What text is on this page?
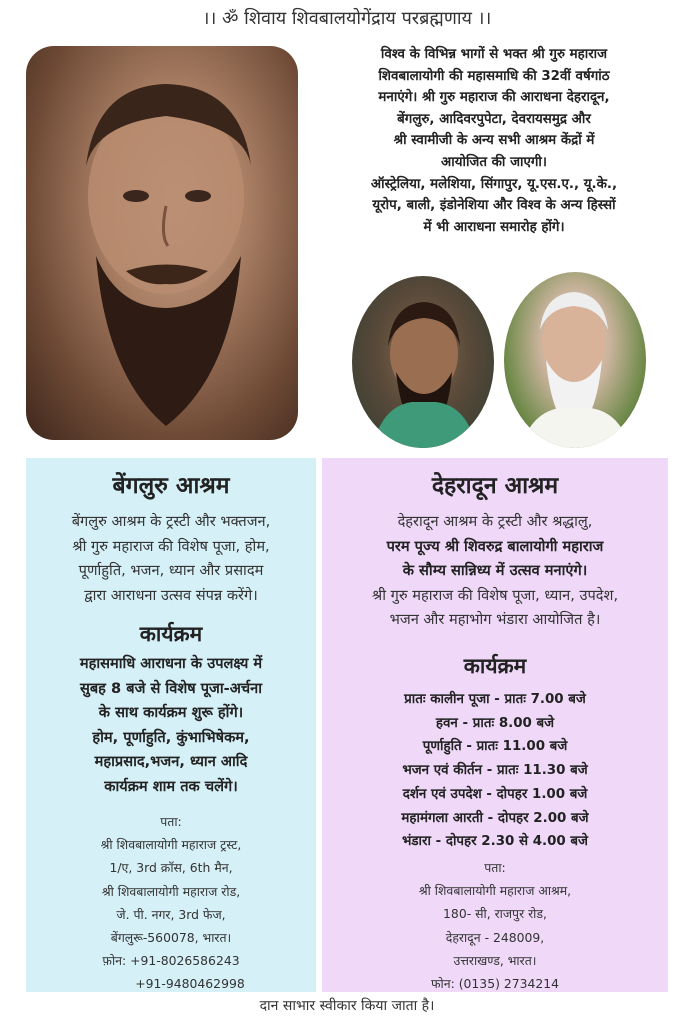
।। ॐ शिवाय शिवबालयोगेंद्राय परब्रह्मणाय ।।
विश्व के विभिन्न भागों से भक्त श्री गुरु महाराज
शिवबालायोगी की महासमाधि की 32वीं वर्षगांठ
मनाएंगे। श्री गुरु महाराज की आराधना देहरादून,
बेंगलुरु, आदिवरपुपेटा, देवरायसमुद्र और
श्री स्वामीजी के अन्य सभी आश्रम केंद्रों में
आयोजित की जाएगी।
ऑस्ट्रेलिया, मलेशिया, सिंगापुर, यू.एस.ए., यू.के.,
यूरोप, बाली, इंडोनेशिया और विश्व के अन्य हिस्सों
में भी आराधना समारोह होंगे।
बेंगलुरु आश्रम
बेंगलुरु आश्रम के ट्रस्टी और भक्तजन,
श्री गुरु महाराज की विशेष पूजा, होम,
पूर्णाहुति, भजन, ध्यान और प्रसादम
द्वारा आराधना उत्सव संपन्न करेंगे।
कार्यक्रम
महासमाधि आराधना के उपलक्ष्य में
सुबह 8 बजे से विशेष पूजा-अर्चना
के साथ कार्यक्रम शुरू होंगे।
होम, पूर्णाहुति, कुंभाभिषेकम,
महाप्रसाद,भजन, ध्यान आदि
कार्यक्रम शाम तक चलेंगे।
पता:
श्री शिवबालायोगी महाराज ट्रस्ट,
1/ए, 3rd क्रॉस, 6th मैन,
श्री शिवबालायोगी महाराज रोड,
जे. पी. नगर, 3rd फेज,
बेंगलुरू-560078, भारत।
फ़ोन: +91-8026586243
+91-9480462998
देहरादून आश्रम
देहरादून आश्रम के ट्रस्टी और श्रद्धालु,
परम पूज्य श्री शिवरुद्र बालायोगी महाराज
के सौम्य सान्निध्य में उत्सव मनाएंगे।
श्री गुरु महाराज की विशेष पूजा, ध्यान, उपदेश,
भजन और महाभोग भंडारा आयोजित है।
कार्यक्रम
प्रातः कालीन पूजा - प्रातः 7.00 बजे
हवन - प्रातः 8.00 बजे
पूर्णाहुति - प्रातः 11.00 बजे
भजन एवं कीर्तन - प्रातः 11.30 बजे
दर्शन एवं उपदेश - दोपहर 1.00 बजे
महामंगला आरती - दोपहर 2.00 बजे
भंडारा - दोपहर 2.30 से 4.00 बजे
पता:
श्री शिवबालायोगी महाराज आश्रम,
180- सी, राजपुर रोड,
देहरादून - 248009,
उत्तराखण्ड, भारत।
फोन: (0135) 2734214
दान साभार स्वीकार किया जाता है।
